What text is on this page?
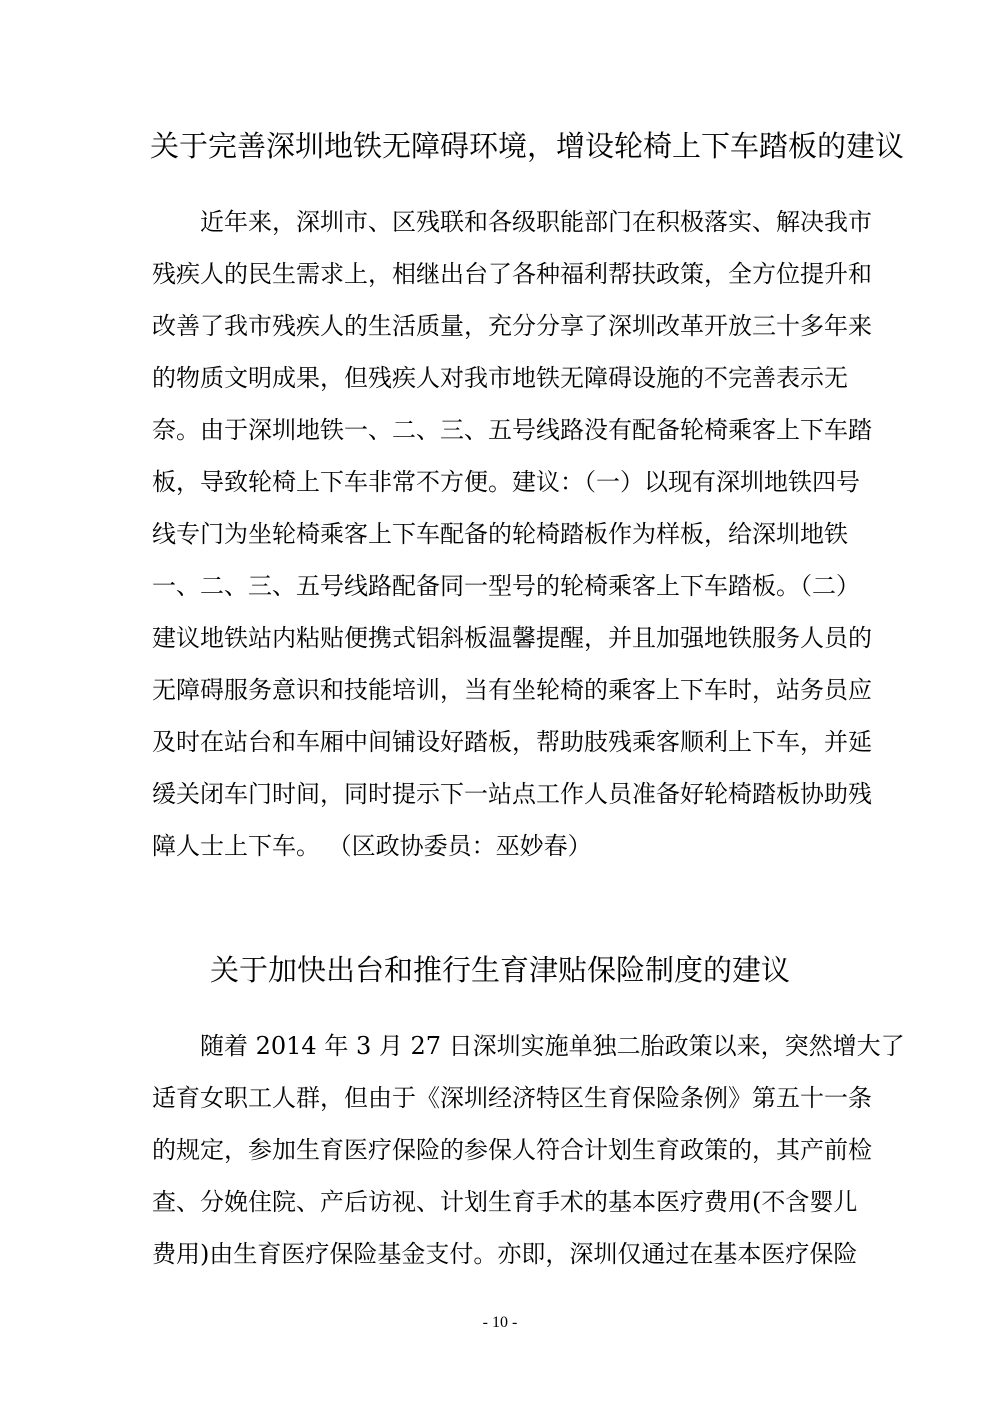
关于完善深圳地铁无障碍环境，增设轮椅上下车踏板的建议
近年来，深圳市、区残联和各级职能部门在积极落实、解决我市
残疾人的民生需求上，相继出台了各种福利帮扶政策，全方位提升和
改善了我市残疾人的生活质量，充分分享了深圳改革开放三十多年来
的物质文明成果，但残疾人对我市地铁无障碍设施的不完善表示无
奈。由于深圳地铁一、二、三、五号线路没有配备轮椅乘客上下车踏
板，导致轮椅上下车非常不方便。建议：（一）以现有深圳地铁四号
线专门为坐轮椅乘客上下车配备的轮椅踏板作为样板，给深圳地铁
一、二、三、五号线路配备同一型号的轮椅乘客上下车踏板。（二）
建议地铁站内粘贴便携式铝斜板温馨提醒，并且加强地铁服务人员的
无障碍服务意识和技能培训，当有坐轮椅的乘客上下车时，站务员应
及时在站台和车厢中间铺设好踏板，帮助肢残乘客顺利上下车，并延
缓关闭车门时间，同时提示下一站点工作人员准备好轮椅踏板协助残
障人士上下车。 （区政协委员：巫妙春）
关于加快出台和推行生育津贴保险制度的建议
随着 2014 年 3 月 27 日深圳实施单独二胎政策以来，突然增大了
适育女职工人群，但由于《深圳经济特区生育保险条例》第五十一条
的规定，参加生育医疗保险的参保人符合计划生育政策的，其产前检
查、分娩住院、产后访视、计划生育手术的基本医疗费用(不含婴儿
费用)由生育医疗保险基金支付。亦即，深圳仅通过在基本医疗保险
- 10 -
